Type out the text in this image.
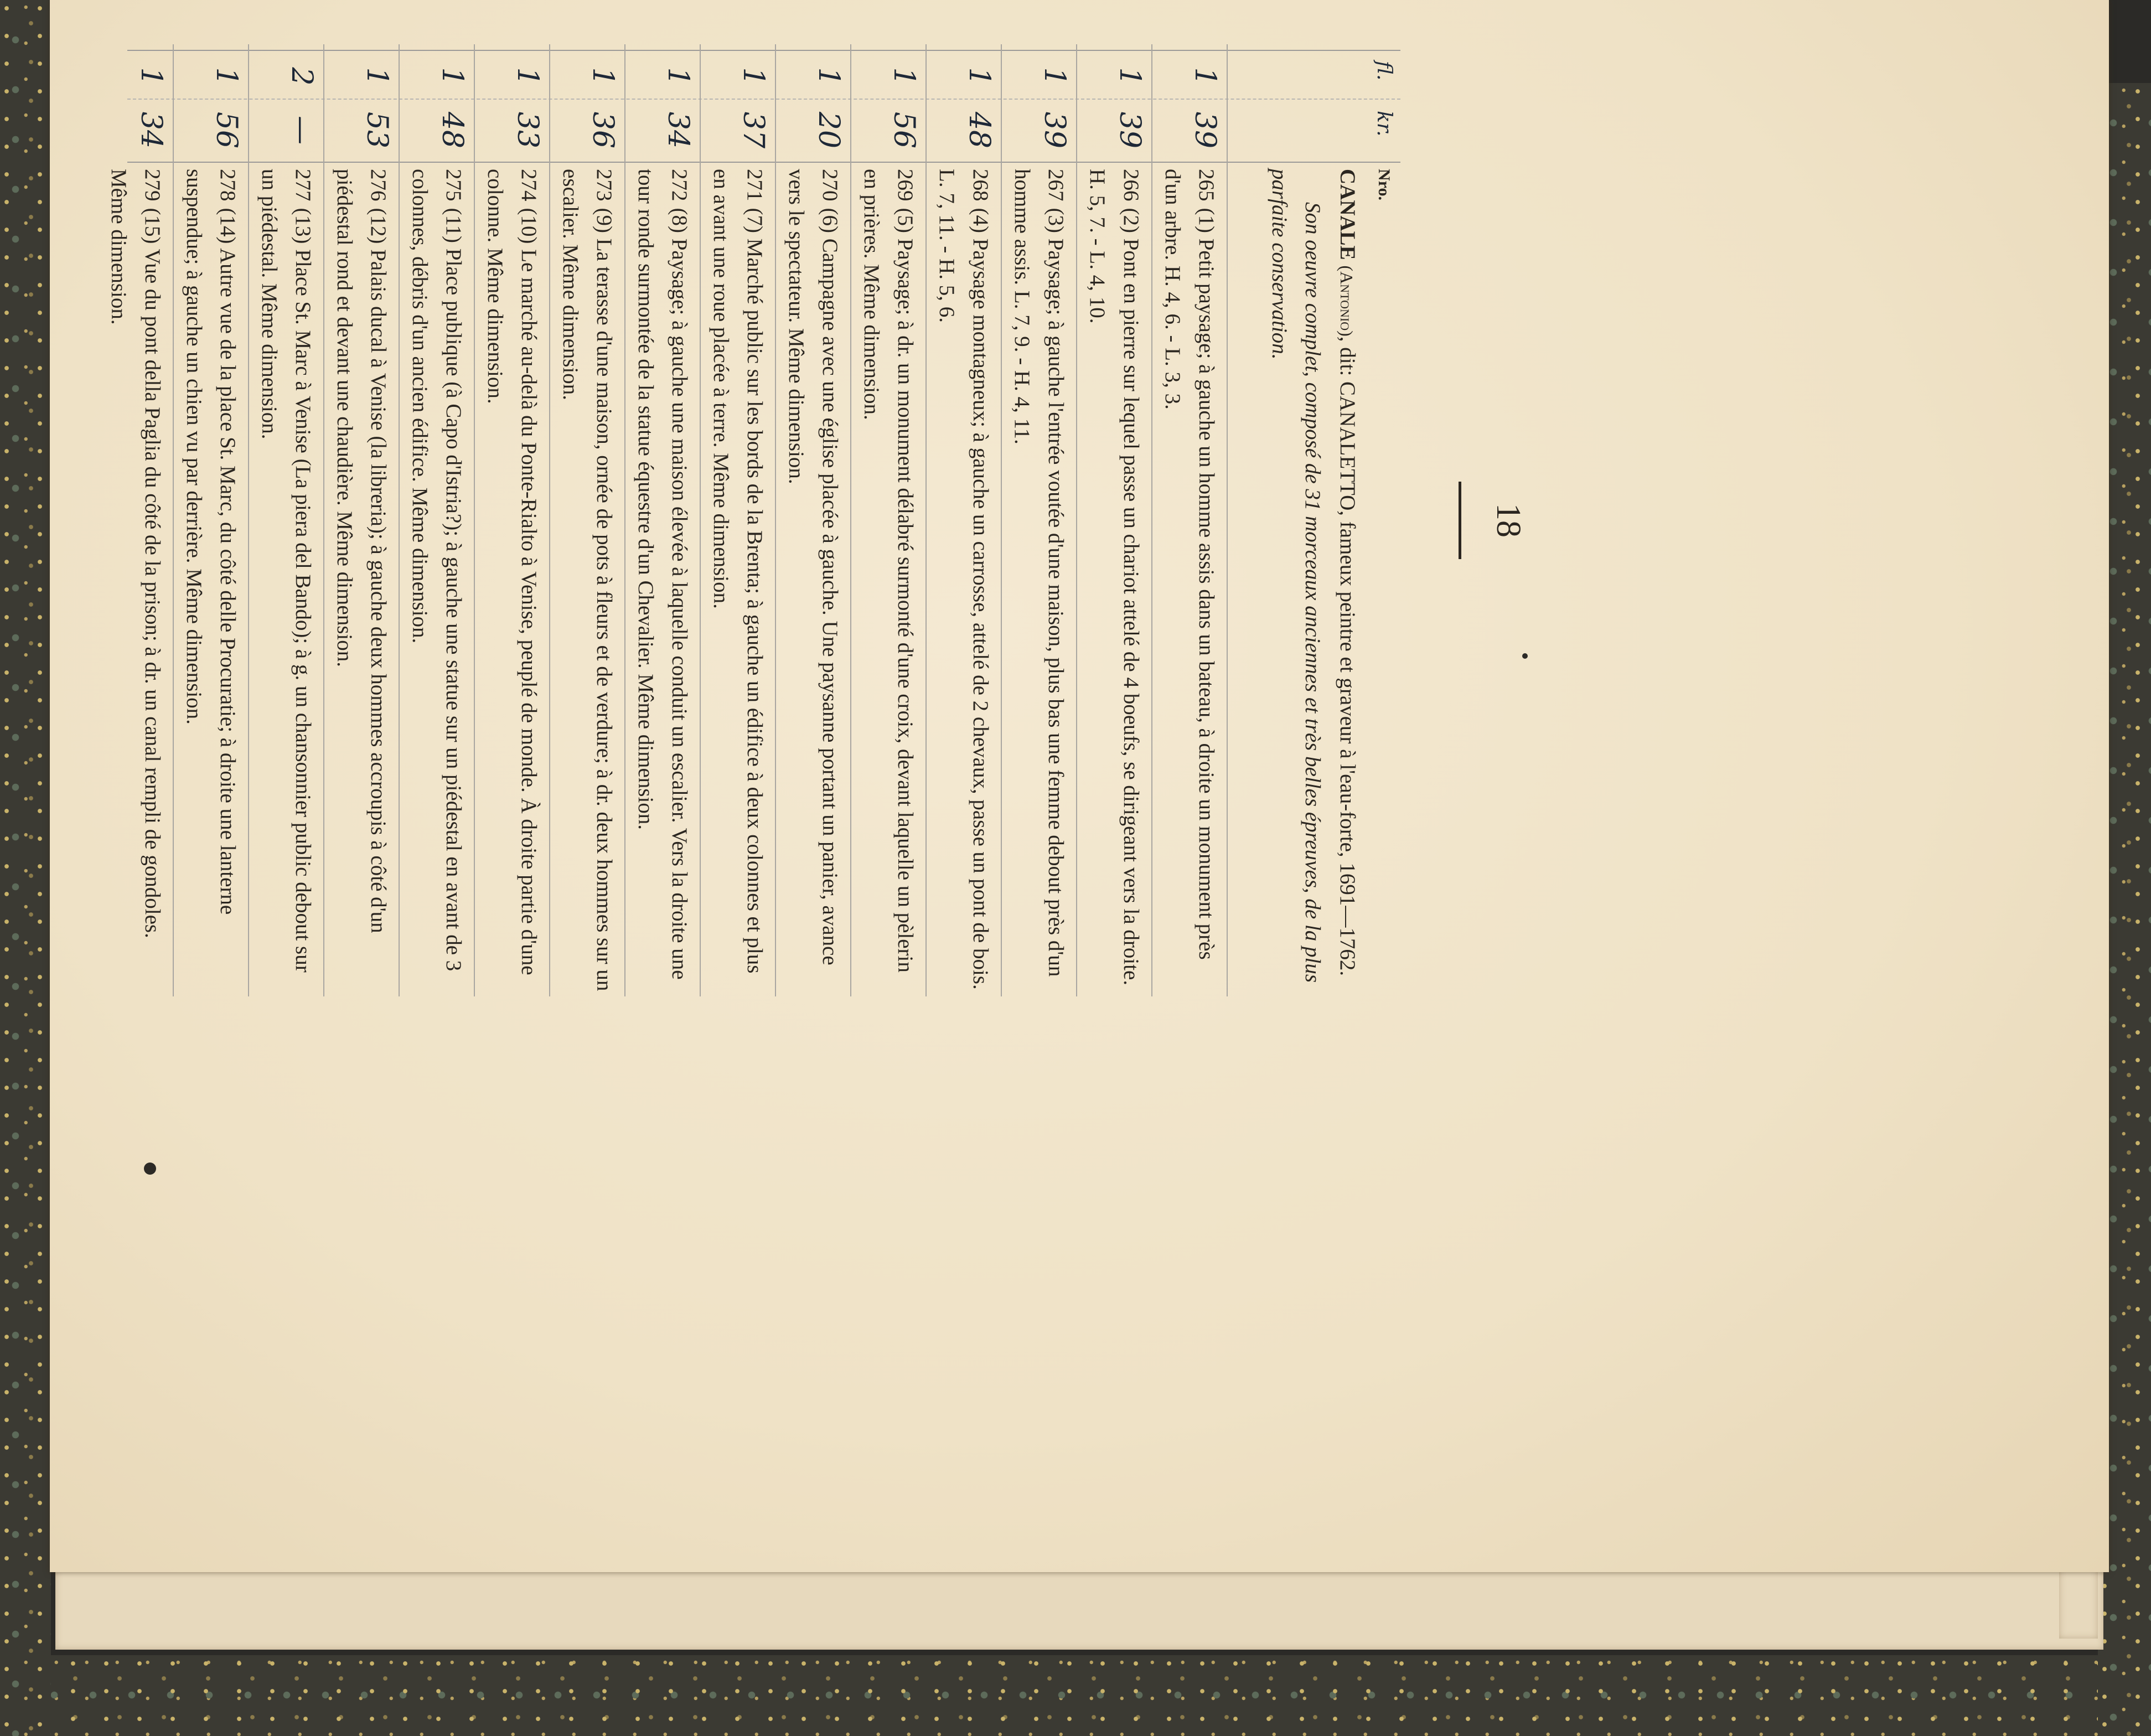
18
fl.
kr.
Nro.

CANALE (Antonio), dit: CANALETTO, fameux peintre et graveur à l'eau-forte, 1691—1762.

Son oeuvre complet, composé de 31 morceaux anciennes et très belles épreuves, de la plus parfaite conservation.

1
39
265(1) Petit paysage; à gauche un homme assis dans un bateau, à droite un monument près d'un arbre. H. 4, 6. - L. 3, 3.
1
39
266(2) Pont en pierre sur lequel passe un chariot attelé de 4 boeufs, se dirigeant vers la droite. H. 5, 7. - L. 4, 10.
1
39
267(3) Paysage; à gauche l'entrée voutée d'une maison, plus bas une femme debout près d'un homme assis. L. 7, 9. - H. 4, 11.
1
48
268(4) Paysage montagneux; à gauche un carrosse, attelé de 2 chevaux, passe un pont de bois. L. 7, 11. - H. 5, 6.
1
56
269(5) Paysage; à dr. un monument délabré surmonté d'une croix, devant laquelle un pèlerin en prières. Même dimension.
1
20
270(6) Campagne avec une église placée à gauche. Une paysanne portant un panier, avance vers le spectateur. Même dimension.
1
37
271(7) Marché public sur les bords de la Brenta; à gauche un édifice à deux colonnes et plus en avant une roue placée à terre. Même dimension.
1
34
272(8) Paysage; à gauche une maison élevée à laquelle conduit un escalier. Vers la droite une tour ronde surmontée de la statue équestre d'un Chevalier. Même dimension.
1
36
273(9) La terasse d'une maison, ornée de pots à fleurs et de verdure; à dr. deux hommes sur un escalier. Même dimension.
1
33
274(10) Le marché au-delà du Ponte-Rialto à Venise, peuplé de monde. À droite partie d'une colonne. Même dimension.
1
48
275(11) Place publique (à Capo d'Istria?); à gauche une statue sur un piédestal en avant de 3 colonnes, débris d'un ancien édifice. Même dimension.
1
53
276(12) Palais ducal à Venise (la libreria); à gauche deux hommes accroupis à côté d'un piédestal rond et devant une chaudière. Même dimension.
2
—
277(13) Place St. Marc à Venise (La piera del Bando); à g. un chansonnier public debout sur un piédestal. Même dimension.
1
56
278(14) Autre vue de la place St. Marc, du côté delle Procuratie; à droite une lanterne suspendue; à gauche un chien vu par derrière. Même dimension.
1
34
279(15) Vue du pont della Paglia du côté de la prison; à dr. un canal rempli de gondoles. Même dimension.
